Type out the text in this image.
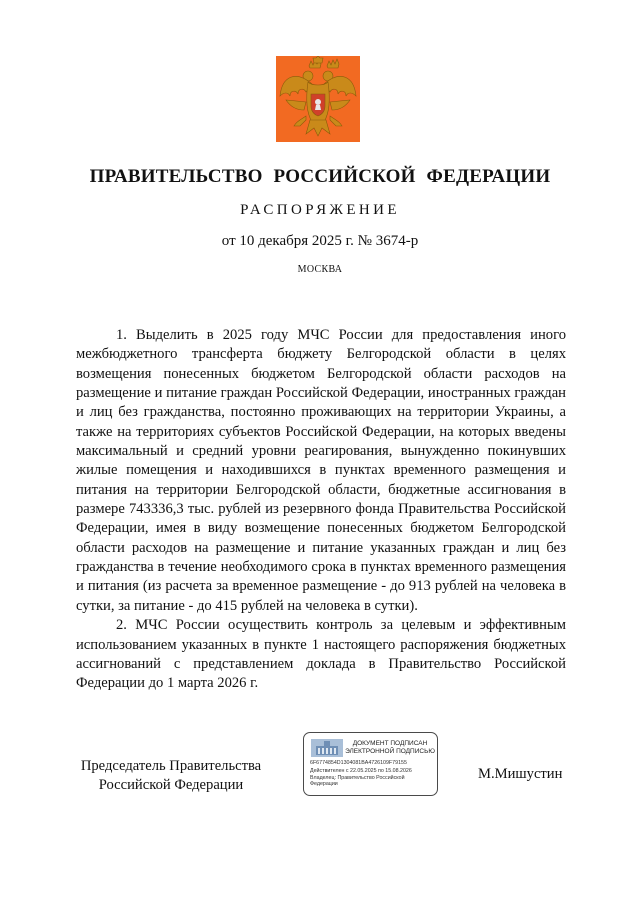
ПРАВИТЕЛЬСТВО РОССИЙСКОЙ ФЕДЕРАЦИИ
РАСПОРЯЖЕНИЕ
от 10 декабря 2025 г. № 3674-р
МОСКВА

1. Выделить в 2025 году МЧС России для предоставления иного межбюджетного трансферта бюджету Белгородской области в целях возмещения понесенных бюджетом Белгородской области расходов на размещение и питание граждан Российской Федерации, иностранных граждан и лиц без гражданства, постоянно проживающих на территории Украины, а также на территориях субъектов Российской Федерации, на которых введены максимальный и средний уровни реагирования, вынужденно покинувших жилые помещения и находившихся в пунктах временного размещения и питания на территории Белгородской области, бюджетные ассигнования в размере 743336,3 тыс. рублей из резервного фонда Правительства Российской Федерации, имея в виду возмещение понесенных бюджетом Белгородской области расходов на размещение и питание указанных граждан и лиц без гражданства в течение необходимого срока в пунктах временного размещения и питания (из расчета за временное размещение - до 913 рублей на человека в сутки, за питание - до 415 рублей на человека в сутки).

2. МЧС России осуществить контроль за целевым и эффективным использованием указанных в пункте 1 настоящего распоряжения бюджетных ассигнований с представлением доклада в Правительство Российской Федерации до 1 марта 2026 г.

Председатель Правительства
Российской Федерации
ДОКУМЕНТ ПОДПИСАН
ЭЛЕКТРОННОЙ ПОДПИСЬЮ
6F6774854D1304081BA4726109F79155
Действителен с 22.05.2025 по 15.08.2026
Владелец: Правительство Российской
Федерации
М.Мишустин
